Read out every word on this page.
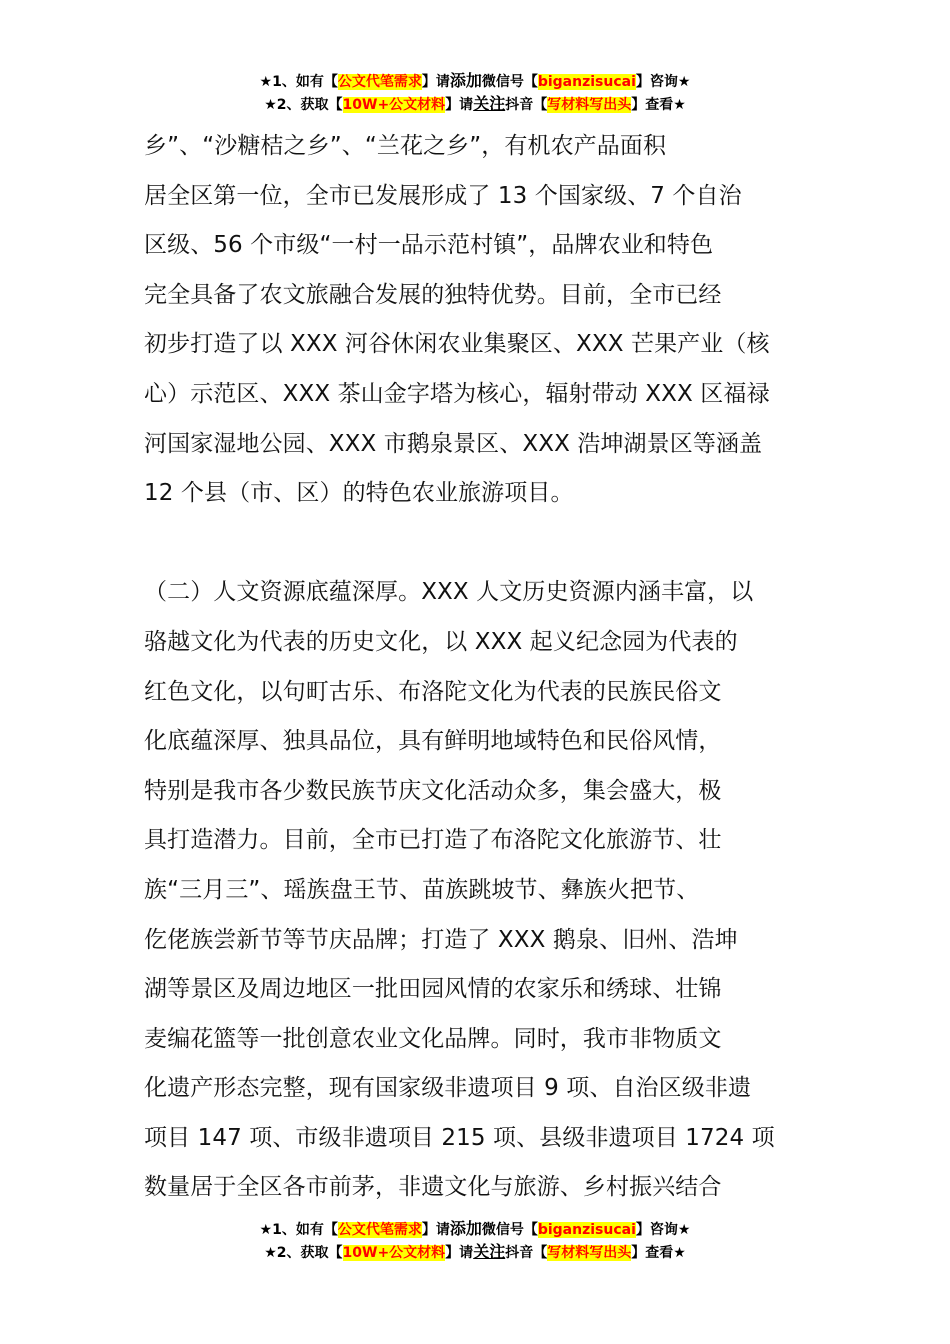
★1、如有【公文代笔需求】请添加微信号【biganzisucai】咨询★
★2、获取【10W+公文材料】请关注抖音【写材料写出头】查看★
乡”、“沙糖桔之乡”、“兰花之乡”，有机农产品面积
居全区第一位，全市已发展形成了 13 个国家级、7 个自治
区级、56 个市级“一村一品示范村镇”，品牌农业和特色
完全具备了农文旅融合发展的独特优势。目前，全市已经
初步打造了以 XXX 河谷休闲农业集聚区、XXX 芒果产业（核
心）示范区、XXX 茶山金字塔为核心，辐射带动 XXX 区福禄
河国家湿地公园、XXX 市鹅泉景区、XXX 浩坤湖景区等涵盖
12 个县（市、区）的特色农业旅游项目。
（二）人文资源底蕴深厚。XXX 人文历史资源内涵丰富，以
骆越文化为代表的历史文化，以 XXX 起义纪念园为代表的
红色文化，以句町古乐、布洛陀文化为代表的民族民俗文
化底蕴深厚、独具品位，具有鲜明地域特色和民俗风情，
特别是我市各少数民族节庆文化活动众多，集会盛大，极
具打造潜力。目前，全市已打造了布洛陀文化旅游节、壮
族“三月三”、瑶族盘王节、苗族跳坡节、彝族火把节、
仡佬族尝新节等节庆品牌；打造了 XXX 鹅泉、旧州、浩坤
湖等景区及周边地区一批田园风情的农家乐和绣球、壮锦
麦编花篮等一批创意农业文化品牌。同时，我市非物质文
化遗产形态完整，现有国家级非遗项目 9 项、自治区级非遗
项目 147 项、市级非遗项目 215 项、县级非遗项目 1724 项
数量居于全区各市前茅，非遗文化与旅游、乡村振兴结合
★1、如有【公文代笔需求】请添加微信号【biganzisucai】咨询★
★2、获取【10W+公文材料】请关注抖音【写材料写出头】查看★
